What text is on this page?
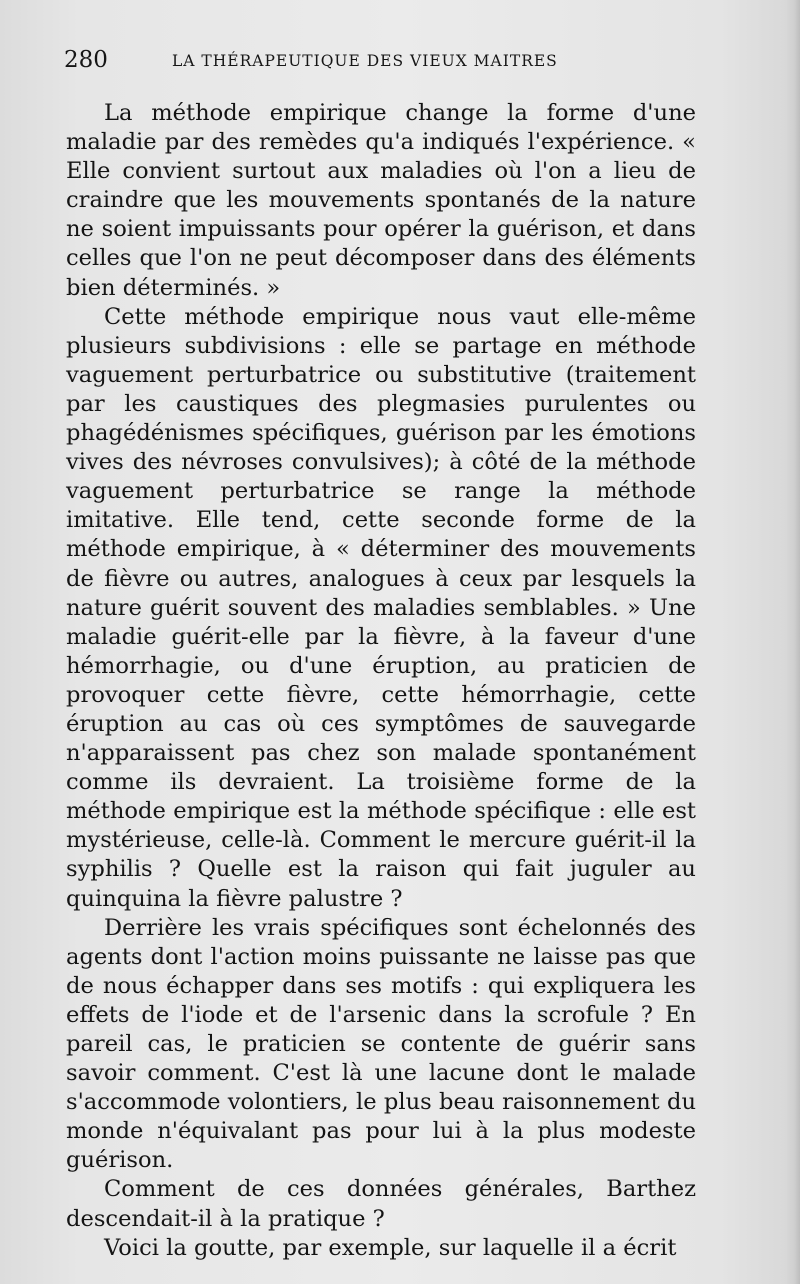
280	LA THÉRAPEUTIQUE DES VIEUX MAITRES

La méthode empirique change la forme d'une maladie par des remèdes qu'a indiqués l'expérience. « Elle convient surtout aux maladies où l'on a lieu de craindre que les mouvements spontanés de la nature ne soient impuissants pour opérer la guérison, et dans celles que l'on ne peut décomposer dans des éléments bien déterminés. »

Cette méthode empirique nous vaut elle-même plusieurs subdivisions : elle se partage en méthode vaguement perturbatrice ou substitutive (traitement par les caustiques des plegmasies purulentes ou phagédénismes spécifiques, guérison par les émotions vives des névroses convulsives); à côté de la méthode vaguement perturbatrice se range la méthode imitative. Elle tend, cette seconde forme de la méthode empirique, à « déterminer des mouvements de fièvre ou autres, analogues à ceux par lesquels la nature guérit souvent des maladies semblables. » Une maladie guérit-elle par la fièvre, à la faveur d'une hémorrhagie, ou d'une éruption, au praticien de provoquer cette fièvre, cette hémorrhagie, cette éruption au cas où ces symptômes de sauvegarde n'apparaissent pas chez son malade spontanément comme ils devraient. La troisième forme de la méthode empirique est la méthode spécifique : elle est mystérieuse, celle-là. Comment le mercure guérit-il la syphilis ? Quelle est la raison qui fait juguler au quinquina la fièvre palustre ?

Derrière les vrais spécifiques sont échelonnés des agents dont l'action moins puissante ne laisse pas que de nous échapper dans ses motifs : qui expliquera les effets de l'iode et de l'arsenic dans la scrofule ? En pareil cas, le praticien se contente de guérir sans savoir comment. C'est là une lacune dont le malade s'accommode volontiers, le plus beau raisonnement du monde n'équivalant pas pour lui à la plus modeste guérison.

Comment de ces données générales, Barthez descendait-il à la pratique ?

Voici la goutte, par exemple, sur laquelle il a écrit
